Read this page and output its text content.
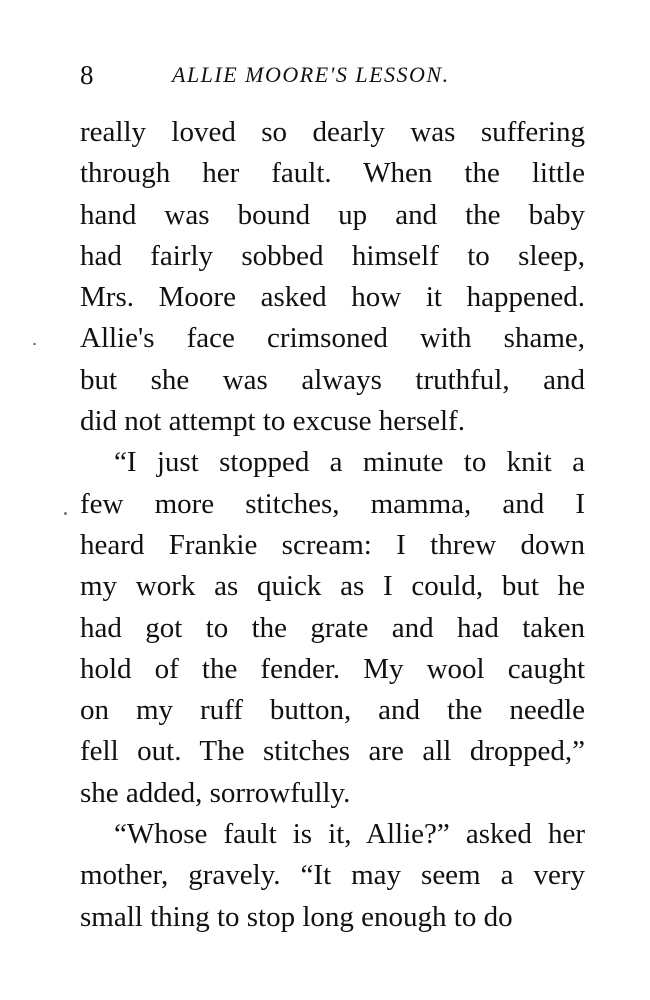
8	ALLIE MOORE'S LESSON.
really loved so dearly was suffering
through her fault. When the little
hand was bound up and the baby
had fairly sobbed himself to sleep,
Mrs. Moore asked how it happened.
Allie's face crimsoned with shame,
but she was always truthful, and
did not attempt to excuse herself.
“I just stopped a minute to knit a
few more stitches, mamma, and I
heard Frankie scream: I threw down
my work as quick as I could, but he
had got to the grate and had taken
hold of the fender. My wool caught
on my ruff button, and the needle
fell out. The stitches are all dropped,”
she added, sorrowfully.
“Whose fault is it, Allie?” asked her
mother, gravely. “It may seem a very
small thing to stop long enough to do
